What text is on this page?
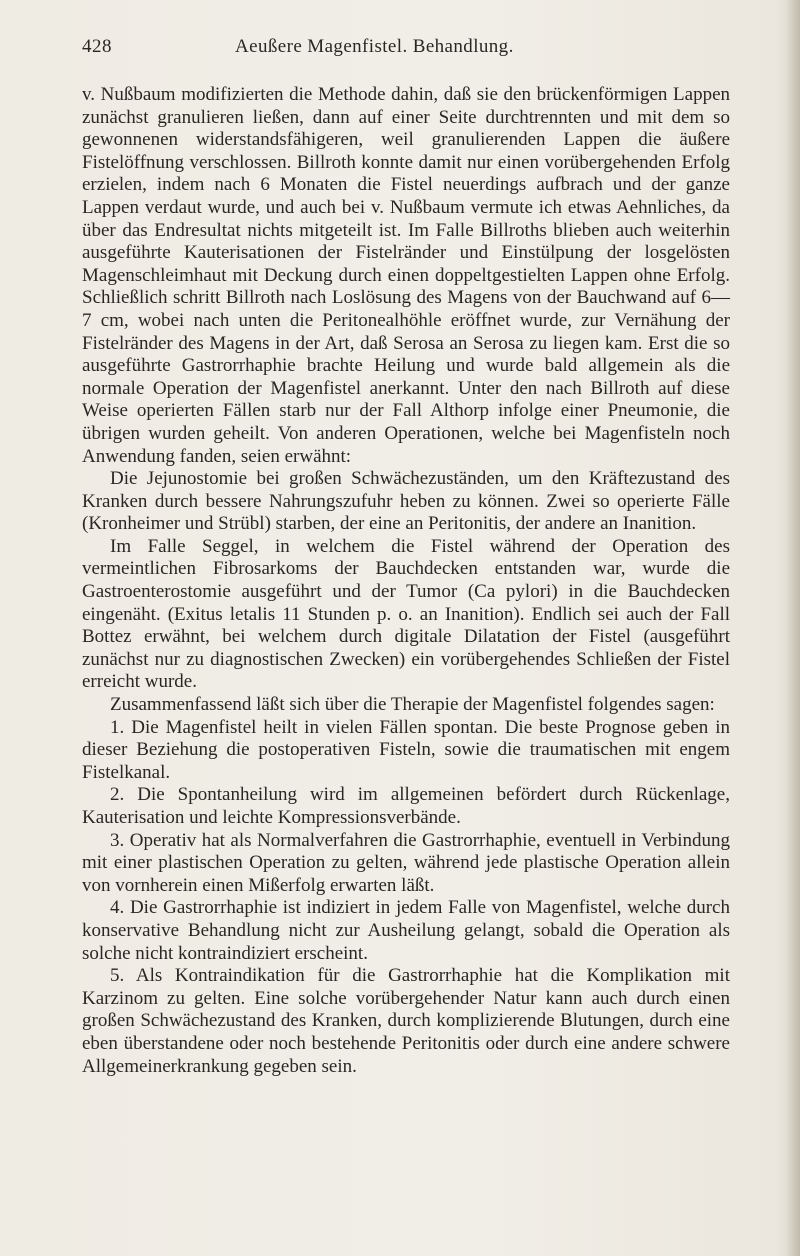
428	Aeußere Magenfistel. Behandlung.

v. Nußbaum modifizierten die Methode dahin, daß sie den brückenförmigen Lappen zunächst granulieren ließen, dann auf einer Seite durchtrennten und mit dem so gewonnenen widerstandsfähigeren, weil granulierenden Lappen die äußere Fistelöffnung verschlossen. Billroth konnte damit nur einen vorübergehenden Erfolg erzielen, indem nach 6 Monaten die Fistel neuerdings aufbrach und der ganze Lappen verdaut wurde, und auch bei v. Nußbaum vermute ich etwas Aehnliches, da über das Endresultat nichts mitgeteilt ist. Im Falle Billroths blieben auch weiterhin ausgeführte Kauterisationen der Fistelränder und Einstülpung der losgelösten Magenschleimhaut mit Deckung durch einen doppeltgestielten Lappen ohne Erfolg. Schließlich schritt Billroth nach Loslösung des Magens von der Bauchwand auf 6—7 cm, wobei nach unten die Peritonealhöhle eröffnet wurde, zur Vernähung der Fistelränder des Magens in der Art, daß Serosa an Serosa zu liegen kam. Erst die so ausgeführte Gastrorrhaphie brachte Heilung und wurde bald allgemein als die normale Operation der Magenfistel anerkannt. Unter den nach Billroth auf diese Weise operierten Fällen starb nur der Fall Althorp infolge einer Pneumonie, die übrigen wurden geheilt. Von anderen Operationen, welche bei Magenfisteln noch Anwendung fanden, seien erwähnt:

Die Jejunostomie bei großen Schwächezuständen, um den Kräftezustand des Kranken durch bessere Nahrungszufuhr heben zu können. Zwei so operierte Fälle (Kronheimer und Strübl) starben, der eine an Peritonitis, der andere an Inanition.

Im Falle Seggel, in welchem die Fistel während der Operation des vermeintlichen Fibrosarkoms der Bauchdecken entstanden war, wurde die Gastroenterostomie ausgeführt und der Tumor (Ca pylori) in die Bauchdecken eingenäht. (Exitus letalis 11 Stunden p. o. an Inanition). Endlich sei auch der Fall Bottez erwähnt, bei welchem durch digitale Dilatation der Fistel (ausgeführt zunächst nur zu diagnostischen Zwecken) ein vorübergehendes Schließen der Fistel erreicht wurde.

Zusammenfassend läßt sich über die Therapie der Magenfistel folgendes sagen:

1. Die Magenfistel heilt in vielen Fällen spontan. Die beste Prognose geben in dieser Beziehung die postoperativen Fisteln, sowie die traumatischen mit engem Fistelkanal.

2. Die Spontanheilung wird im allgemeinen befördert durch Rückenlage, Kauterisation und leichte Kompressionsverbände.

3. Operativ hat als Normalverfahren die Gastrorrhaphie, eventuell in Verbindung mit einer plastischen Operation zu gelten, während jede plastische Operation allein von vornherein einen Mißerfolg erwarten läßt.

4. Die Gastrorrhaphie ist indiziert in jedem Falle von Magenfistel, welche durch konservative Behandlung nicht zur Ausheilung gelangt, sobald die Operation als solche nicht kontraindiziert erscheint.

5. Als Kontraindikation für die Gastrorrhaphie hat die Komplikation mit Karzinom zu gelten. Eine solche vorübergehender Natur kann auch durch einen großen Schwächezustand des Kranken, durch komplizierende Blutungen, durch eine eben überstandene oder noch bestehende Peritonitis oder durch eine andere schwere Allgemeinerkrankung gegeben sein.
